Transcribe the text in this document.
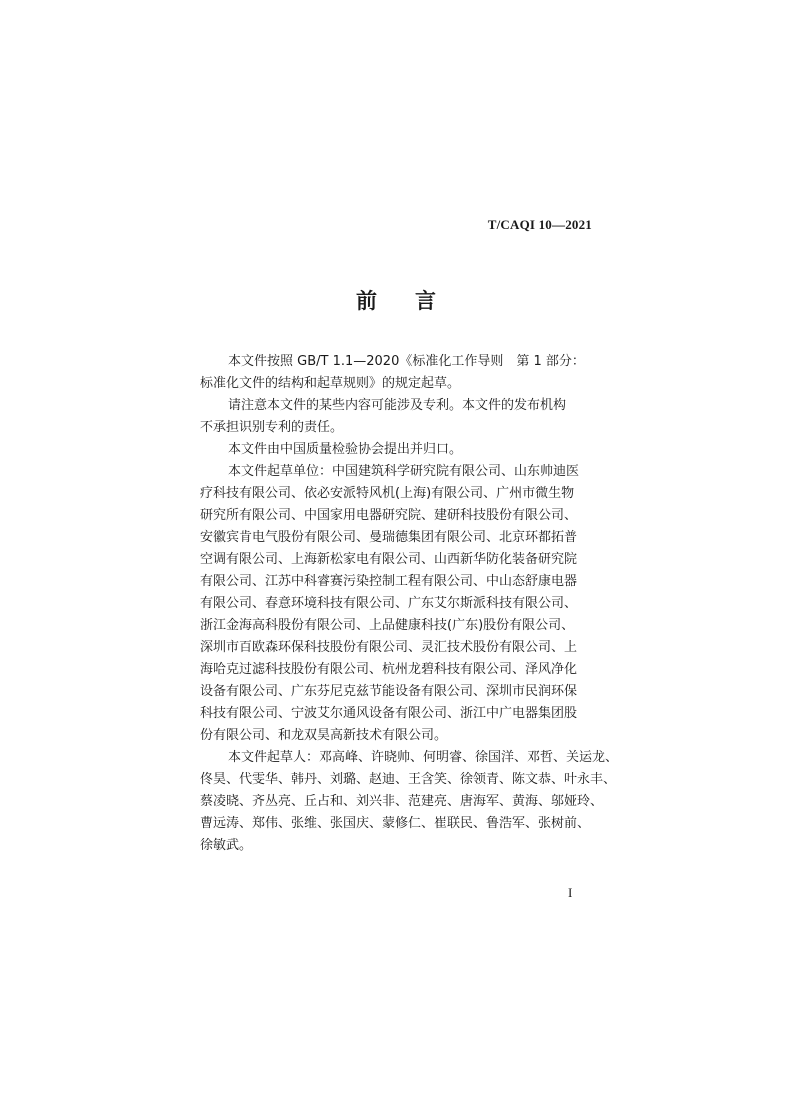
T/CAQI 10—2021
前 言
本文件按照 GB/T 1.1—2020《标准化工作导则　第 1 部分：
标准化文件的结构和起草规则》的规定起草。
请注意本文件的某些内容可能涉及专利。本文件的发布机构
不承担识别专利的责任。
本文件由中国质量检验协会提出并归口。
本文件起草单位：中国建筑科学研究院有限公司、山东帅迪医
疗科技有限公司、依必安派特风机(上海)有限公司、广州市微生物
研究所有限公司、中国家用电器研究院、建研科技股份有限公司、
安徽宾肯电气股份有限公司、曼瑞德集团有限公司、北京环都拓普
空调有限公司、上海新松家电有限公司、山西新华防化装备研究院
有限公司、江苏中科睿赛污染控制工程有限公司、中山态舒康电器
有限公司、春意环境科技有限公司、广东艾尔斯派科技有限公司、
浙江金海高科股份有限公司、上品健康科技(广东)股份有限公司、
深圳市百欧森环保科技股份有限公司、灵汇技术股份有限公司、上
海哈克过滤科技股份有限公司、杭州龙碧科技有限公司、泽风净化
设备有限公司、广东芬尼克兹节能设备有限公司、深圳市民润环保
科技有限公司、宁波艾尔通风设备有限公司、浙江中广电器集团股
份有限公司、和龙双昊高新技术有限公司。
本文件起草人：邓高峰、许晓帅、何明睿、徐国洋、邓哲、关运龙、
佟昊、代雯华、韩丹、刘璐、赵迪、王含笑、徐领青、陈文恭、叶永丰、
蔡凌晓、齐丛亮、丘占和、刘兴非、范建亮、唐海军、黄海、邬娅玲、
曹远涛、郑伟、张维、张国庆、蒙修仁、崔联民、鲁浩军、张树前、
徐敏武。
I
